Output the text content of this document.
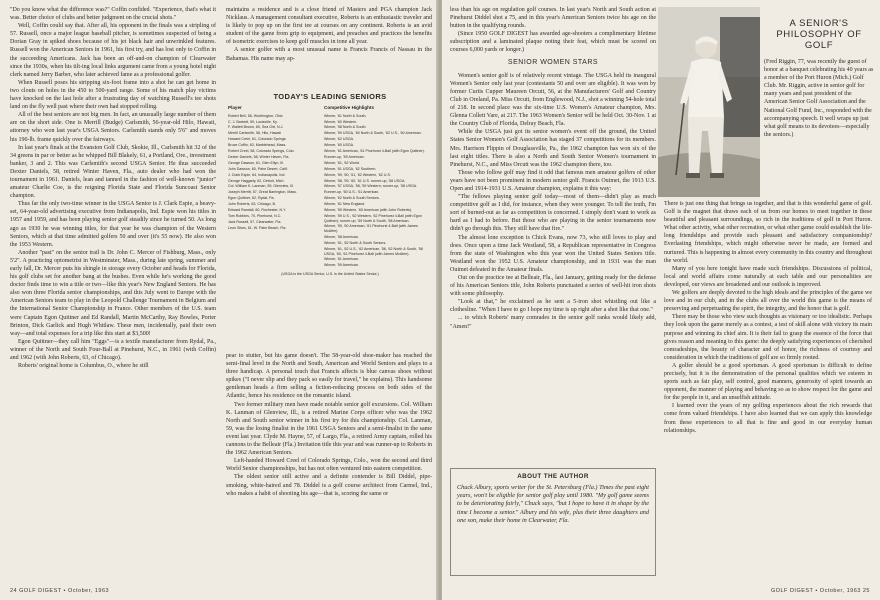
"Do you know what the difference was?" Coffin confided. "Experience, that's what it was. Better choice of clubs and better judgment on the crucial shots."

Well, Coffin could say that. After all, his opponent in the finals was a stripling of 57. Russell, once a major league baseball pitcher, is sometimes suspected of being a Dorian Gray in spiked shoes because of his jet black hair and unwrinkled features. Russell won the American Seniors in 1961, his first try, and has lost only to Coffin in the succeeding Americans. Jack has been an off-and-on champion of Clearwater since the 1930s, when his tilt-ing local links argument came from a young hotel night clerk named Jerry Barber, who later achieved fame as a professional golfer.

When Russell poses his stripping six-foot frame into a shot he can get home in two clouts on holes in the 450 to 500-yard range. Some of his match play victims have knocked on the last hole after a frustrating day of watching Russell's tee shots land on the fly well past where their own had stopped rolling.

All of the best seniors are not big men. In fact, an unusually large number of them are on the short side. One is Merrill (Budge) Carlsmith, 56-year-old Hilo, Hawaii, attorney who won last year's USGA Seniors. Carlsmith stands only 5'6" and moves his 190-lb. frame quickly over the fairways.

In last year's finals at the Evanston Golf Club, Skokie, Ill., Carlsmith hit 32 of the 34 greens in par or better as he whipped Bill Blakely, 61, a Portland, Ore., investment banker, 3 and 2. This was Carlsmith's second USGA Senior. He thus succeeded Dexter Daniels, 58, retired Winter Haven, Fla., auto dealer who had won the tournament in 1961. Daniels, lean and tanned in the fashion of well-known "junior" amateur Charlie Coe, is the reigning Florida State and Florida Suncoast Senior champion.

Thus far the only two-time winner in the USGA Senior is J. Clark Espie, a heavy-set, 64-year-old advertising executive from Indianapolis, Ind. Espie won his titles in 1957 and 1959, and has been playing senior golf steadily since he turned 50. As long ago as 1930 he was winning titles, for that year he was champion of the Western Seniors, which at that time admitted golfers 50 and over (it's 55 now). He also won the 1953 Western.

Another "past" on the senior trail is Dr. John C. Mercer of Fishburg, Mass., only 5'2". A practicing optometrist in Westminster, Mass., during late spring, summer and early fall, Dr. Mercer puts his shingle in storage every October and heads for Florida, his golf clubs set for another bang at the bushes. Even while he's working the good doctor finds time to win a title or two—like this year's New England Seniors. He has also won three Florida senior championships, and this July went to Europe with the American Seniors team to play in the Leopold Challenge Tournament in Belgium and the International Senior Championship in France. Other members of the U.S. team were Captain Egon Quittner and Ed Randall, Martin McCarthy, Ray Bowles, Porter Brinton, Dick Garlick and Hugh Whitlaw. These men, incidentally, paid their own way—and total expenses for a trip like this start at $3,500!

Egon Quittner—they call him "Eggs"—is a textile manufacturer from Rydal, Pa., winner of the North and South Four-Ball at Pinehurst, N.C., in 1961 (with Coffin) and 1962 (with John Roberts, 63, of Chicago).

Roberts' original home is Columbus, O., where he still

maintains a residence and is a close friend of Masters and PGA champion Jack Nicklaus. A management consultant executive, Roberts is an enthusiastic traveler and is likely to pop up on the first tee at courses on any continent. Roberts is an avid student of the game from grip to equipment, and preaches and practices the benefits of isometric exercises to keep golf muscles in tone all year.

A senior golfer with a most unusual name is Francis Francis of Nassau in the Bahamas. His name may ap-

TODAY'S LEADING SENIORS
Player
Robert Bell, 58, Worthington, Ohio
C. J. Barbett, 59, Louisville, Ky.
F. Wallett Brown, 60, Sea Girt, N.J.
Merrill Carlsmith, 56, Hilo, Hawaii
Howard Creel, 61, Colorado Springs
Bruce Coffin, 63, Marblehead, Mass.
Robert Creel, 58, Colorado Springs, Colo.
Dexter Daniels, 58, Winter Haven, Fla.
George Dawson, 61, Glen Ellyn, Ill.
John Dawson, 60, Palm Desert, Calif.
J. Clark Espie, 64, Indianapolis, Ind.
George Haggarty, 62, Detroit, Mich.
Col. William K. Lanman, 59, Glenview, Ill.
Joseph Merritt, 57, Great Barrington, Mass.
Egon Quittner, 62, Rydal, Pa.
John Roberts, 63, Chicago, Ill.
Edward Randall, 60, Rochester, N.Y.
Tom Robbins, 70, Pinehurst, N.C.
Jack Russell, 57, Clearwater, Fla.
Leon Sikes, 61, W. Palm Beach, Fla.
Competitive Highlights
Winner, '61 North & South.
Winner, '60 Western.
Winner, '58 North & South.
Winner, '59 USGA, '60 North & South, '62 U.S., '60 American.
Winner, '62 USGA.
Winner, '60 USGA.
Winner, '61 American, '61 Pinehurst 4-Ball (with Egon Quittner).
Runner-up, '59 American.
Winner, '61, '62 World.
Winner, '61 USGA, '62 Southern.
Winner, '59, '60, '61, '62 Western, '62 U.S.
Winner, '58, '59, '60, '61 U.S. runner-up, '58 USGA.
Winner, '57 USGA, '58, '59 Western; runner-up, '58 USGA.
Runner-up, '60 U.S., '61 American.
Winner, '62 North & South Seniors.
Winner, '61 New England.
Winner, '59 Western, '60 American (with John Roberts).
Winner, '59 U.S., '62 Western, '62 Pinehurst 4-Ball (with Egon Quittner); runner-up, '59 North & South, '58 American.
Winner, '59, '60 American, '61 Pinehurst 4-Ball (with James McAfee).
Winner, '58 American.
Winner, '61, '62 North & South Seniors.
Winner, '61, '62 U.S., '62 American, '56, '62 North & South, '58 USGA, '60, '61 Pinehurst 4-Ball (with James McAfee).
Winner, '61 American.
Winner, '59 American.
(USGA is the USGA Senior, U.S. is the United States Senior.)

pear to stutter, but his game doesn't. The 58-year-old shoe-maker has reached the semi-final level in the North and South, American and World Seniors and plays to a three handicap. A personal touch that Francis affects is blue canvas shoes without spikes ("I never slip and they pack so easily for travel," he explains). This handsome gentleman heads a firm selling a fiction-reducing process on both sides of the Atlantic, hence his residence on the romantic island.

Two former military men have made notable senior golf excursions. Col. William K. Lanman of Glenview, Ill., is a retired Marine Corps officer who was the 1962 North and South senior winner in his first try for this championship. Col. Lanman, 59, was the losing finalist in the 1961 USGA Seniors and a semi-finalist in the same event last year. Clyde M. Hayne, 57, of Largo, Fla., a retired Army captain, rolled his cannons to the Belleair (Fla.) Invitation title this year and was runner-up to Roberts in the 1962 American Seniors.

Left-handed Howard Creel of Colorado Springs, Colo., won the second and third World Senior championships, but has not often ventured into eastern competition.

The oldest senior still active and a definite contender is Bill Diddel, pipe-smoking, white-haired and 78. Diddel is a golf course architect from Carmel, Ind., who makes a habit of shooting his age—that is, scoring the same or

24 GOLF DIGEST • October, 1963

less than his age on regulation golf courses. In last year's North and South action at Pinehurst Diddel shot a 75, and in this year's American Seniors twice his age on the button in the qualifying rounds.

(Since 1950 GOLF DIGEST has awarded age-shooters a complimentary lifetime subscription and a laminated plaque noting their feat, which must be scored on courses 6,000 yards or longer.)

SENIOR WOMEN STARS

Women's senior golf is of relatively recent vintage. The USGA held its inaugural Women's Senior only last year (contestants 50 and over are eligible). It was won by former Curtis Cupper Maureen Orcutt, 56, at the Manufacturers' Golf and Country Club in Oreland, Pa. Miss Orcutt, from Englewood, N.J., shot a winning 54-hole total of 218. In second place was the six-time U.S. Women's Amateur champion, Mrs. Glenna Collett Vare, at 217. The 1963 Women's Senior will be held Oct. 30-Nov. 1 at the Country Club of Florida, Delray Beach, Fla.

While the USGA just got its senior women's event off the ground, the United States Senior Women's Golf Association has staged 37 competitions for its members. Mrs. Harrison Flippin of Douglassville, Pa., the 1962 champion has won six of the last eight titles. There is also a North and South Senior Women's tournament in Pinehurst, N.C., and Miss Orcutt was the 1962 champion there, too.

Those who follow golf may find it odd that famous men amateur golfers of other years have not been prominent in modern senior golf. Francis Ouimet, the 1913 U.S. Open and 1914-1931 U.S. Amateur champion, explains it this way:

"The fellows playing senior golf today—most of them—didn't play as much competitive golf as I did, for instance, when they were younger. To tell the truth, I'm sort of burned-out as far as competition is concerned. I simply don't want to work as hard as I had to before. But those who are playing in the senior tournaments now didn't go through this. They still have that fire."

The almost lone exception is Chick Evans, now 73, who still loves to play and does. Once upon a time Jack Westland, 58, a Republican representative in Congress from the state of Washington who this year won the United States Seniors title. Westland won the 1952 U.S. Amateur championship, and in 1931 was the man Ouimet defeated in the Amateur finals.

Out on the practice tee at Belleair, Fla., last January, getting ready for the defense of his American Seniors title, John Roberts punctuated a series of well-hit iron shots with some philosophy.

"Look at that," he exclaimed as he sent a 5-iron shot whistling out like a clothesline. "When I have to go I hope my time is up right after a shot like that one."

... to which Roberts' many comrades in the senior golf ranks would likely add, "Amen!"

ABOUT THE AUTHOR
Chuck Albury, sports writer for the St. Petersburg (Fla.) Times the past eight years, won't be eligible for senior golf play until 1980. "My golf game seems to be deteriorating fairly," Chuck says, "but I hope to have it in shape by the time I become a senior." Albury and his wife, plus their three daughters and one son, make their home in Clearwater, Fla.
A SENIOR'S PHILOSOPHY OF GOLF
(Fred Riggin, 77, was recently the guest of honor at a banquet celebrating his 40 years as a member of the Port Huron (Mich.) Golf Club. Mr. Riggin, active in senior golf for many years and past president of the American Senior Golf Association and the National Golf Fund, Inc., responded with the accompanying speech. It well wraps up just what golf means to its devotees—especially the seniors.)

There is just one thing that brings us together, and that is this wonderful game of golf. Golf is the magnet that draws each of us from our homes to meet together in these beautiful and pleasant surroundings, so rich in the traditions of golf in Port Huron. What other activity, what other recreation, or what other game could establish the life-long friendships and provide such pleasant and satisfactory companionship? Everlasting friendships, which might otherwise never be made, are formed and nurtured. This is happening in almost every community in this country and throughout the world.

Many of you here tonight have made such friendships. Discussions of political, local and world affairs come naturally at each table and our personalities are developed, our views are broadened and our outlook is improved.

We golfers are deeply devoted to the high ideals and the principles of the game we love and in our club, and in the clubs all over the world this game is the means of preserving and perpetuating the spirit, the integrity, and the honor that is golf.

There may be those who view such thoughts as visionary or too idealistic. Perhaps they look upon the game merely as a contest, a test of skill alone with victory its main purpose and winning its chief aim. It is their fail to grasp the essence of the force that gives reason and meaning to this game: the deeply satisfying experiences of cherished comradeships, the beauty of character and of honor, the richness of courtesy and consideration in which the traditions of golf are so firmly rooted.

A golfer should be a good sportsman. A good sportsman is difficult to define precisely, but it is the demonstration of the personal qualities which we esteem in sports such as fair play, self control, good manners, generosity of spirit towards an opponent, the manner of playing and behaving so as to show respect for the game and for the people in it, and an unselfish attitude.

I learned over the years of my golfing experiences about the rich rewards that come from valued friendships. I have also learned that we can apply this knowledge from these experiences to all that is fine and good in our everyday human relationships.

GOLF DIGEST • October, 1963 25
